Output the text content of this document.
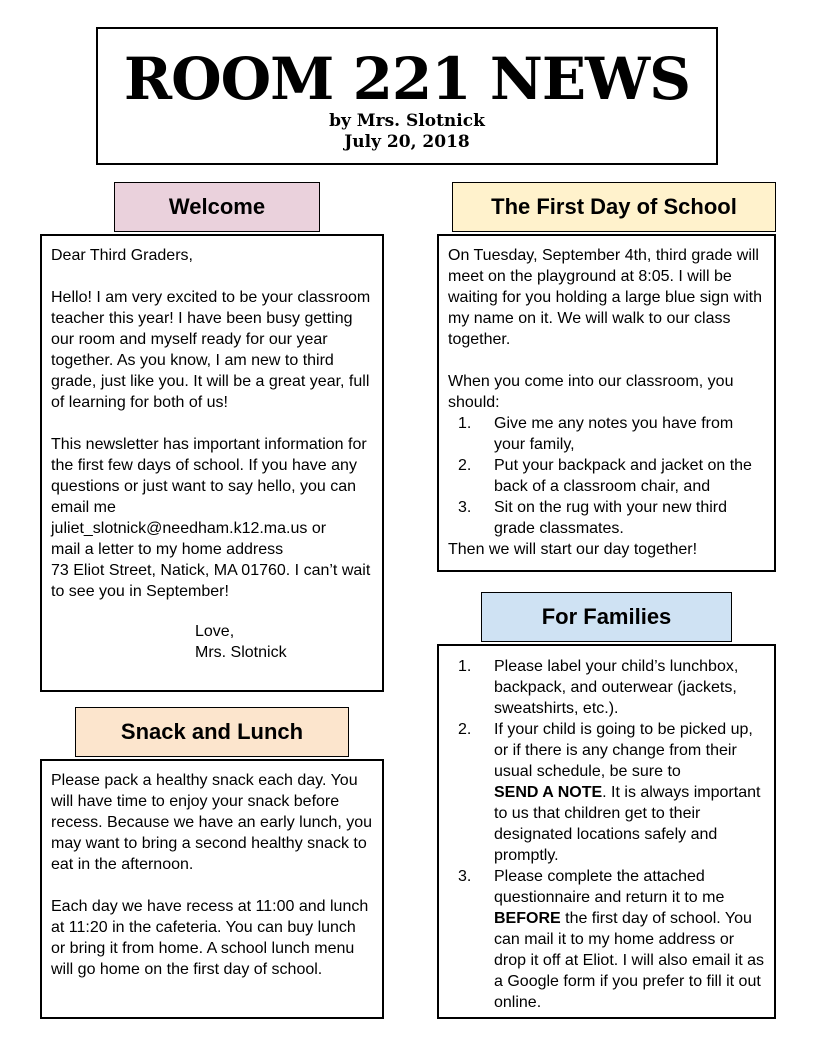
ROOM 221 NEWS
by Mrs. Slotnick
July 20, 2018
Welcome

Dear Third Graders,

Hello! I am very excited to be your classroom teacher this year! I have been busy getting our room and myself ready for our year together. As you know, I am new to third grade, just like you. It will be a great year, full of learning for both of us!

This newsletter has important information for the first few days of school. If you have any questions or just want to say hello, you can email me

juliet_slotnick@needham.k12.ma.us or

mail a letter to my home address

73 Eliot Street, Natick, MA 01760. I can’t wait to see you in September!

Love,

Mrs. Slotnick

Snack and Lunch

Please pack a healthy snack each day. You will have time to enjoy your snack before recess. Because we have an early lunch, you may want to bring a second healthy snack to eat in the afternoon.

Each day we have recess at 11:00 and lunch at 11:20 in the cafeteria. You can buy lunch or bring it from home. A school lunch menu will go home on the first day of school.

The First Day of School

On Tuesday, September 4th, third grade will meet on the playground at 8:05. I will be waiting for you holding a large blue sign with my name on it. We will walk to our class together.

When you come into our classroom, you should:

1. Give me any notes you have from your family,
2. Put your backpack and jacket on the back of a classroom chair, and
3. Sit on the rug with your new third grade classmates.

Then we will start our day together!

For Families
1. Please label your child’s lunchbox, backpack, and outerwear (jackets, sweatshirts, etc.).
2. If your child is going to be picked up, or if there is any change from their usual schedule, be sure to
SEND A NOTE. It is always important to us that children get to their designated locations safely and promptly.
3. Please complete the attached questionnaire and return it to me
BEFORE the first day of school. You can mail it to my home address or drop it off at Eliot. I will also email it as a Google form if you prefer to fill it out online.
